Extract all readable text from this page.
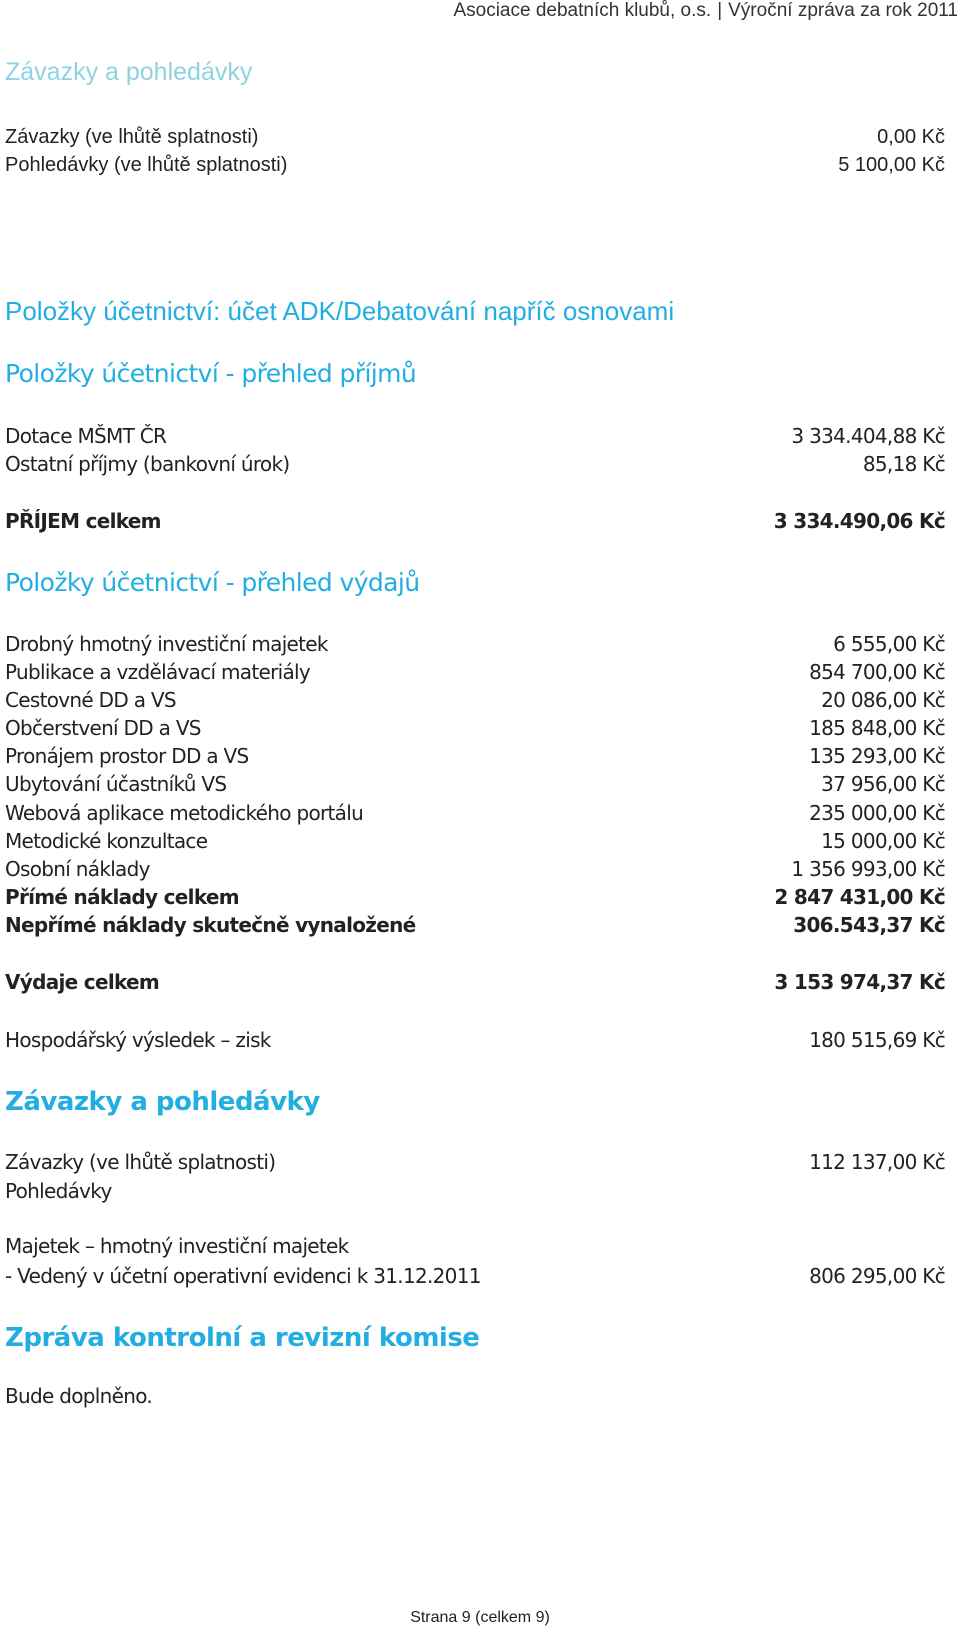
Asociace debatních klubů, o.s. | Výroční zpráva za rok 2011
Závazky a pohledávky
Závazky (ve lhůtě splatnosti)	0,00 Kč
Pohledávky (ve lhůtě splatnosti)	5 100,00 Kč
Položky účetnictví: účet ADK/Debatování napříč osnovami
Položky účetnictví - přehled příjmů
Dotace MŠMT ČR	3 334.404,88 Kč
Ostatní příjmy (bankovní úrok)	85,18 Kč
PŘÍJEM celkem	3 334.490,06 Kč
Položky účetnictví - přehled výdajů
Drobný hmotný investiční majetek	6 555,00 Kč
Publikace a vzdělávací materiály	854 700,00 Kč
Cestovné DD a VS	20 086,00 Kč
Občerstvení DD a VS	185 848,00 Kč
Pronájem prostor DD a VS	135 293,00 Kč
Ubytování účastníků VS	37 956,00 Kč
Webová aplikace metodického portálu	235 000,00 Kč
Metodické konzultace	15 000,00 Kč
Osobní náklady	1 356 993,00 Kč
Přímé náklady celkem	2 847 431,00 Kč
Nepřímé náklady skutečně vynaložené	306.543,37 Kč
Výdaje celkem	3 153 974,37 Kč
Hospodářský výsledek – zisk	180 515,69 Kč
Závazky a pohledávky
Závazky (ve lhůtě splatnosti)	112 137,00 Kč
Pohledávky
Majetek – hmotný investiční majetek
- Vedený v účetní operativní evidenci k 31.12.2011	806 295,00 Kč
Zpráva kontrolní a revizní komise
Bude doplněno.
Strana 9 (celkem 9)
